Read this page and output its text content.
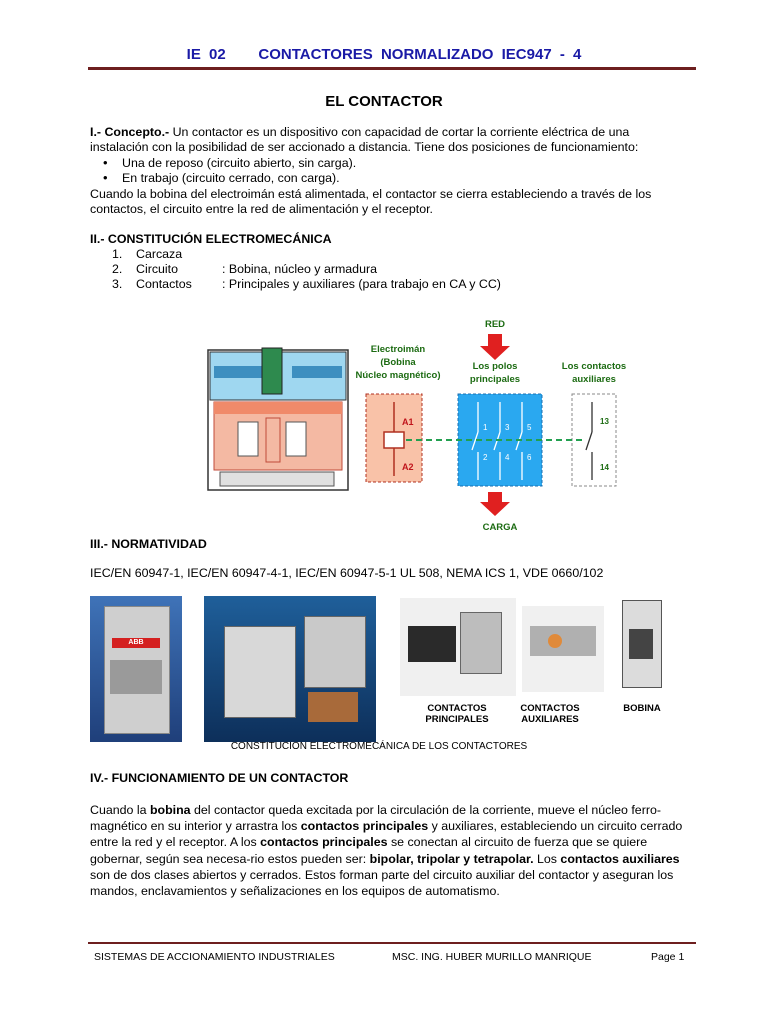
IE 02 CONTACTORES NORMALIZADO IEC947 - 4
EL CONTACTOR
I.- Concepto.- Un contactor es un dispositivo con capacidad de cortar la corriente eléctrica de una instalación con la posibilidad de ser accionado a distancia. Tiene dos posiciones de funcionamiento:
• Una de reposo (circuito abierto, sin carga).
• En trabajo (circuito cerrado, con carga).
Cuando la bobina del electroimán está alimentada, el contactor se cierra estableciendo a través de los contactos, el circuito entre la red de alimentación y el receptor.
II.- CONSTITUCIÓN ELECTROMECÁNICA
1. Carcaza
2. Circuito	: Bobina, núcleo y armadura
3. Contactos : Principales y auxiliares (para trabajo en CA y CC)
Electroimán
(Bobina
Núcleo magnético)
RED
Los polos
principales
Los contactos
auxiliares
A1
A2
1 3 5
2 4 6
13
14
CARGA
III.- NORMATIVIDAD
IEC/EN 60947-1, IEC/EN 60947-4-1, IEC/EN 60947-5-1 UL 508, NEMA ICS 1, VDE 0660/102
ABB
CONTACTOS
PRINCIPALES
CONTACTOS
AUXILIARES
BOBINA
CONSTITUCION ELECTROMECÁNICA DE LOS CONTACTORES
IV.- FUNCIONAMIENTO DE UN CONTACTOR
Cuando la bobina del contactor queda excitada por la circulación de la corriente, mueve el núcleo ferro-magnético en su interior y arrastra los contactos principales y auxiliares, estableciendo un circuito cerrado entre la red y el receptor. A los contactos principales se conectan al circuito de fuerza que se quiere gobernar, según sea necesa-rio estos pueden ser: bipolar, tripolar y tetrapolar. Los contactos auxiliares son de dos clases abiertos y cerrados. Estos forman parte del circuito auxiliar del contactor y aseguran los mandos, enclavamientos y señalizaciones en los equipos de automatismo.
SISTEMAS DE ACCIONAMIENTO INDUSTRIALES	MSC. ING. HUBER MURILLO MANRIQUE	Page 1
